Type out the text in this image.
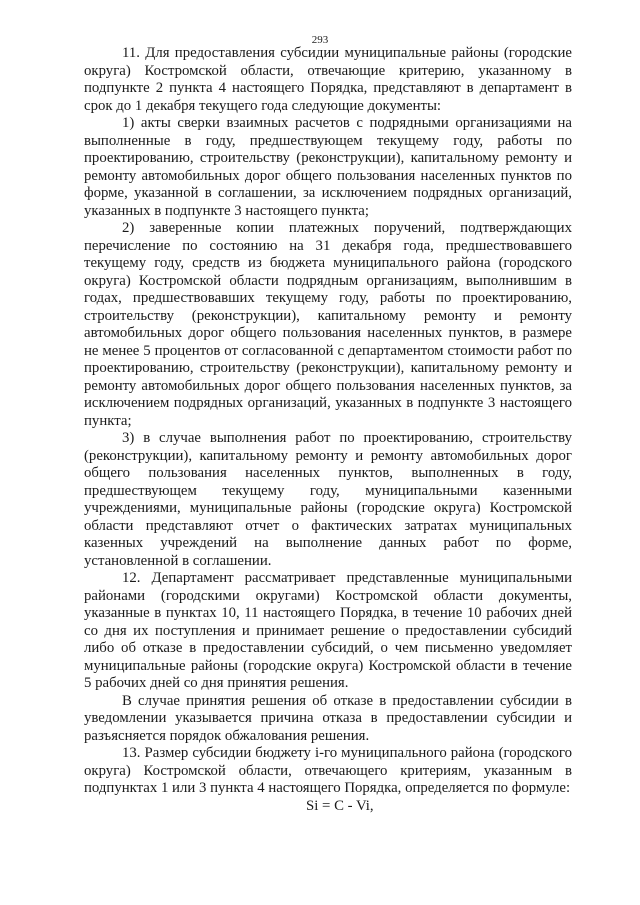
293

11. Для предоставления субсидии муниципальные районы (городские округа) Костромской области, отвечающие критерию, указанному в подпункте 2 пункта 4 настоящего Порядка, представляют в департамент в срок до 1 декабря текущего года следующие документы:

1) акты сверки взаимных расчетов с подрядными организациями на выполненные в году, предшествующем текущему году, работы по проектированию, строительству (реконструкции), капитальному ремонту и ремонту автомобильных дорог общего пользования населенных пунктов по форме, указанной в соглашении, за исключением подрядных организаций, указанных в подпункте 3 настоящего пункта;

2) заверенные копии платежных поручений, подтверждающих перечисление по состоянию на 31 декабря года, предшествовавшего текущему году, средств из бюджета муниципального района (городского округа) Костромской области подрядным организациям, выполнившим в годах, предшествовавших текущему году, работы по проектированию, строительству (реконструкции), капитальному ремонту и ремонту автомобильных дорог общего пользования населенных пунктов, в размере не менее 5 процентов от согласованной с департаментом стоимости работ по проектированию, строительству (реконструкции), капитальному ремонту и ремонту автомобильных дорог общего пользования населенных пунктов, за исключением подрядных организаций, указанных в подпункте 3 настоящего пункта;

3) в случае выполнения работ по проектированию, строительству (реконструкции), капитальному ремонту и ремонту автомобильных дорог общего пользования населенных пунктов, выполненных в году, предшествующем текущему году, муниципальными казенными учреждениями, муниципальные районы (городские округа) Костромской области представляют отчет о фактических затратах муниципальных казенных учреждений на выполнение данных работ по форме, установленной в соглашении.

12. Департамент рассматривает представленные муниципальными районами (городскими округами) Костромской области документы, указанные в пунктах 10, 11 настоящего Порядка, в течение 10 рабочих дней со дня их поступления и принимает решение о предоставлении субсидий либо об отказе в предоставлении субсидий, о чем письменно уведомляет муниципальные районы (городские округа) Костромской области в течение 5 рабочих дней со дня принятия решения.

В случае принятия решения об отказе в предоставлении субсидии в уведомлении указывается причина отказа в предоставлении субсидии и разъясняется порядок обжалования решения.

13. Размер субсидии бюджету i-го муниципального района (городского округа) Костромской области, отвечающего критериям, указанным в подпунктах 1 или 3 пункта 4 настоящего Порядка, определяется по формуле:

Si = C - Vi,
